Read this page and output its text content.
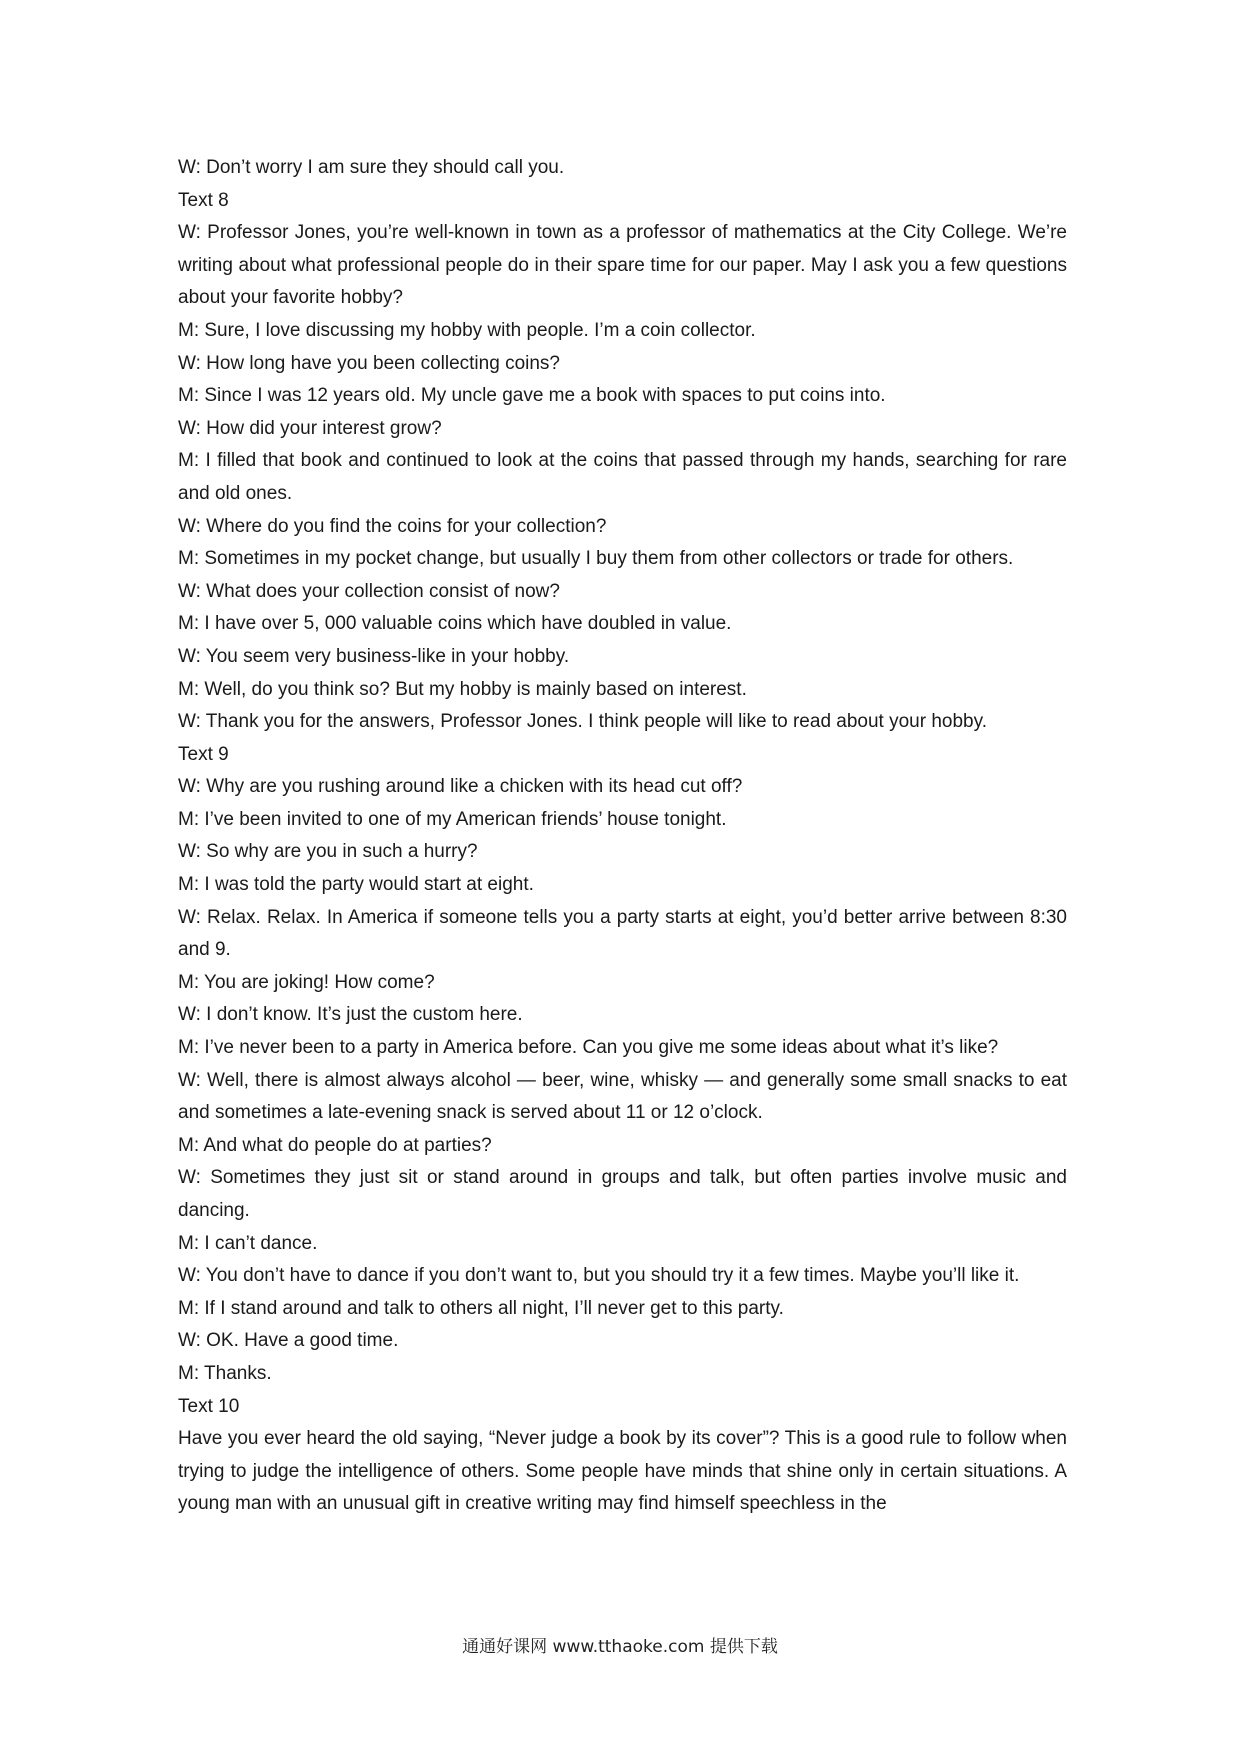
W: Don’t worry I am sure they should call you.

Text 8

W: Professor Jones, you’re well-known in town as a professor of mathematics at the City College. We’re writing about what professional people do in their spare time for our paper. May I ask you a few questions about your favorite hobby?

M: Sure, I love discussing my hobby with people. I’m a coin collector.

W: How long have you been collecting coins?

M: Since I was 12 years old. My uncle gave me a book with spaces to put coins into.

W: How did your interest grow?

M: I filled that book and continued to look at the coins that passed through my hands, searching for rare and old ones.

W: Where do you find the coins for your collection?

M: Sometimes in my pocket change, but usually I buy them from other collectors or trade for others.

W: What does your collection consist of now?

M: I have over 5, 000 valuable coins which have doubled in value.

W: You seem very business-like in your hobby.

M: Well, do you think so? But my hobby is mainly based on interest.

W: Thank you for the answers, Professor Jones. I think people will like to read about your hobby.

Text 9

W: Why are you rushing around like a chicken with its head cut off?

M: I’ve been invited to one of my American friends’ house tonight.

W: So why are you in such a hurry?

M: I was told the party would start at eight.

W: Relax. Relax. In America if someone tells you a party starts at eight, you’d better arrive between 8:30 and 9.

M: You are joking! How come?

W: I don’t know. It’s just the custom here.

M: I’ve never been to a party in America before. Can you give me some ideas about what it’s like?

W: Well, there is almost always alcohol — beer, wine, whisky — and generally some small snacks to eat and sometimes a late-evening snack is served about 11 or 12 o’clock.

M: And what do people do at parties?

W: Sometimes they just sit or stand around in groups and talk, but often parties involve music and dancing.

M: I can’t dance.

W: You don’t have to dance if you don’t want to, but you should try it a few times. Maybe you’ll like it.

M: If I stand around and talk to others all night, I’ll never get to this party.

W: OK. Have a good time.

M: Thanks.

Text 10

Have you ever heard the old saying, “Never judge a book by its cover”? This is a good rule to follow when trying to judge the intelligence of others. Some people have minds that shine only in certain situations. A young man with an unusual gift in creative writing may find himself speechless in the

通通好课网 www.tthaoke.com 提供下载
